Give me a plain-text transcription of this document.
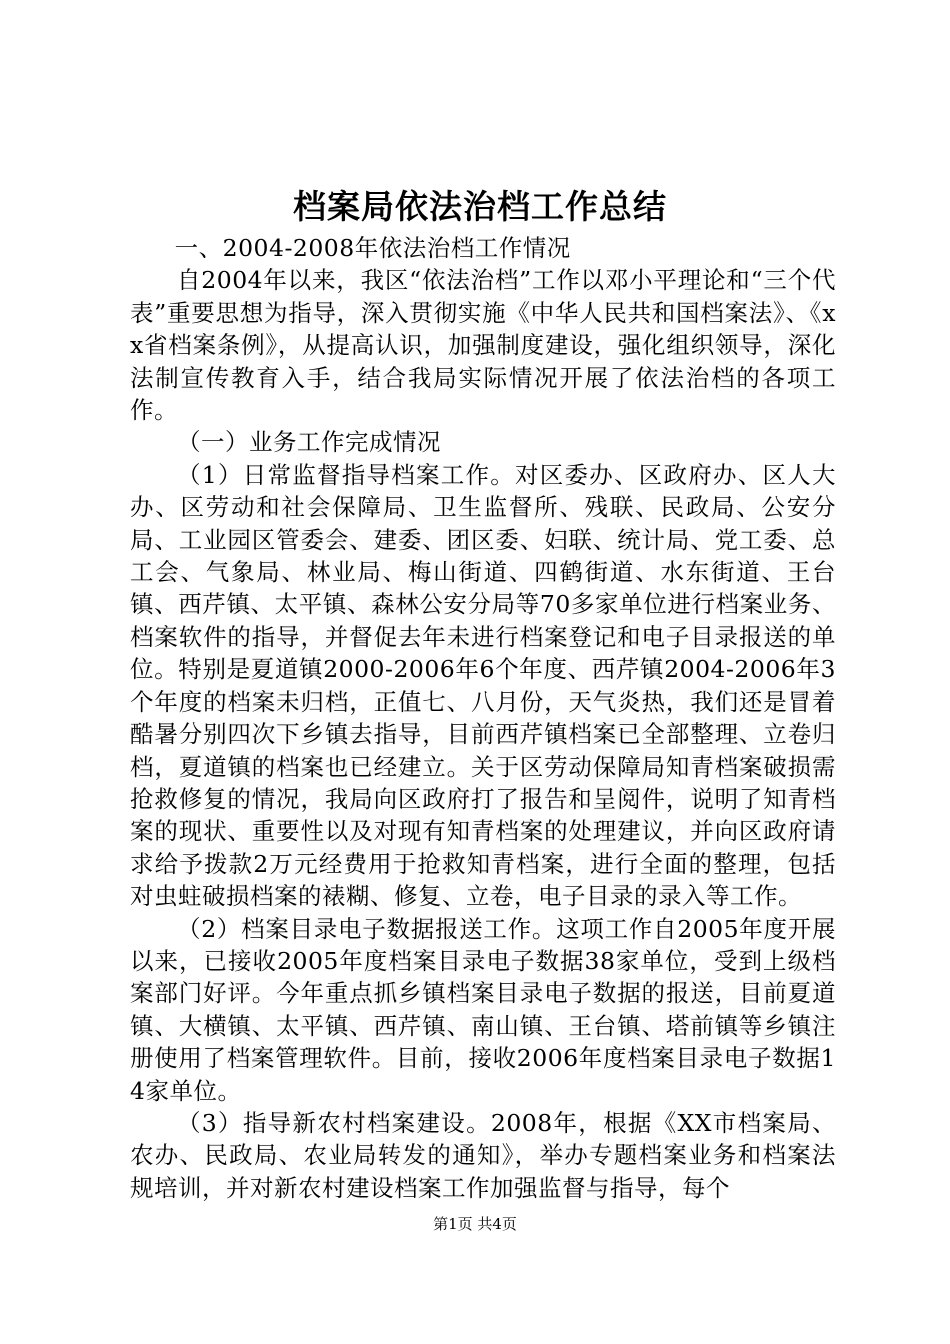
档案局依法治档工作总结

一、2004-2008年依法治档工作情况

自2004年以来，我区“依法治档”工作以邓小平理论和“三个代表”重要思想为指导，深入贯彻实施《中华人民共和国档案法》、《xx省档案条例》，从提高认识，加强制度建设，强化组织领导，深化法制宣传教育入手，结合我局实际情况开展了依法治档的各项工作。

（一）业务工作完成情况

（1）日常监督指导档案工作。对区委办、区政府办、区人大办、区劳动和社会保障局、卫生监督所、残联、民政局、公安分局、工业园区管委会、建委、团区委、妇联、统计局、党工委、总工会、气象局、林业局、梅山街道、四鹤街道、水东街道、王台镇、西芹镇、太平镇、森林公安分局等70多家单位进行档案业务、档案软件的指导，并督促去年未进行档案登记和电子目录报送的单位。特别是夏道镇2000-2006年6个年度、西芹镇2004-2006年3个年度的档案未归档，正值七、八月份，天气炎热，我们还是冒着酷暑分别四次下乡镇去指导，目前西芹镇档案已全部整理、立卷归档，夏道镇的档案也已经建立。关于区劳动保障局知青档案破损需抢救修复的情况，我局向区政府打了报告和呈阅件，说明了知青档案的现状、重要性以及对现有知青档案的处理建议，并向区政府请求给予拨款2万元经费用于抢救知青档案，进行全面的整理，包括对虫蛀破损档案的裱糊、修复、立卷，电子目录的录入等工作。

（2）档案目录电子数据报送工作。这项工作自2005年度开展以来，已接收2005年度档案目录电子数据38家单位，受到上级档案部门好评。今年重点抓乡镇档案目录电子数据的报送，目前夏道镇、大横镇、太平镇、西芹镇、南山镇、王台镇、塔前镇等乡镇注册使用了档案管理软件。目前，接收2006年度档案目录电子数据14家单位。

（3）指导新农村档案建设。2008年，根据《XX市档案局、农办、民政局、农业局转发的通知》，举办专题档案业务和档案法规培训，并对新农村建设档案工作加强监督与指导，每个

第1页 共4页
